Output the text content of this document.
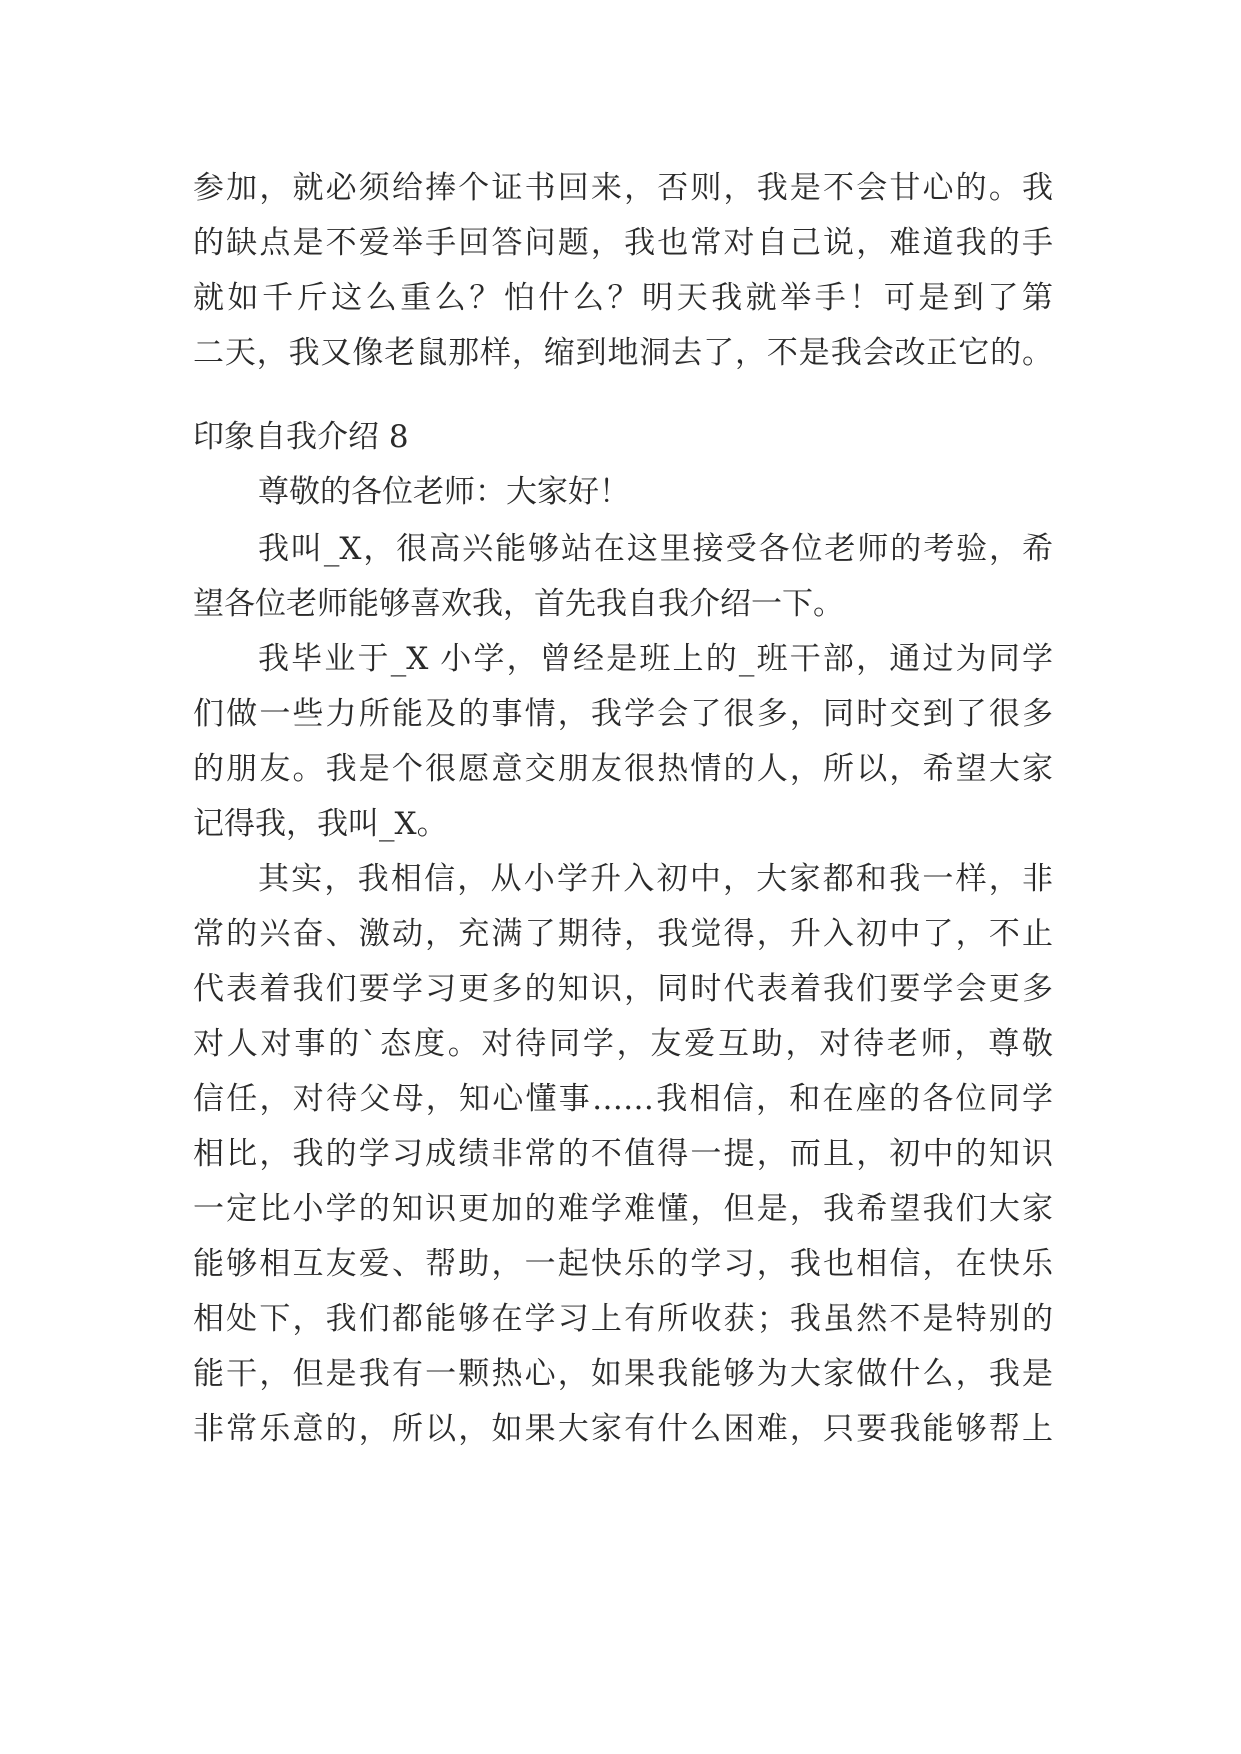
参加，就必须给捧个证书回来，否则，我是不会甘心的。我
的缺点是不爱举手回答问题，我也常对自己说，难道我的手
就如千斤这么重么？怕什么？明天我就举手！可是到了第
二天，我又像老鼠那样，缩到地洞去了，不是我会改正它的。
印象自我介绍 8
尊敬的各位老师：大家好！
我叫_X，很高兴能够站在这里接受各位老师的考验，希
望各位老师能够喜欢我，首先我自我介绍一下。
我毕业于_X 小学，曾经是班上的_班干部，通过为同学
们做一些力所能及的事情，我学会了很多，同时交到了很多
的朋友。我是个很愿意交朋友很热情的人，所以，希望大家
记得我，我叫_X。
其实，我相信，从小学升入初中，大家都和我一样，非
常的兴奋、激动，充满了期待，我觉得，升入初中了，不止
代表着我们要学习更多的知识，同时代表着我们要学会更多
对人对事的`态度。对待同学，友爱互助，对待老师，尊敬
信任，对待父母，知心懂事……我相信，和在座的各位同学
相比，我的学习成绩非常的不值得一提，而且，初中的知识
一定比小学的知识更加的难学难懂，但是，我希望我们大家
能够相互友爱、帮助，一起快乐的学习，我也相信，在快乐
相处下，我们都能够在学习上有所收获；我虽然不是特别的
能干，但是我有一颗热心，如果我能够为大家做什么，我是
非常乐意的，所以，如果大家有什么困难，只要我能够帮上
